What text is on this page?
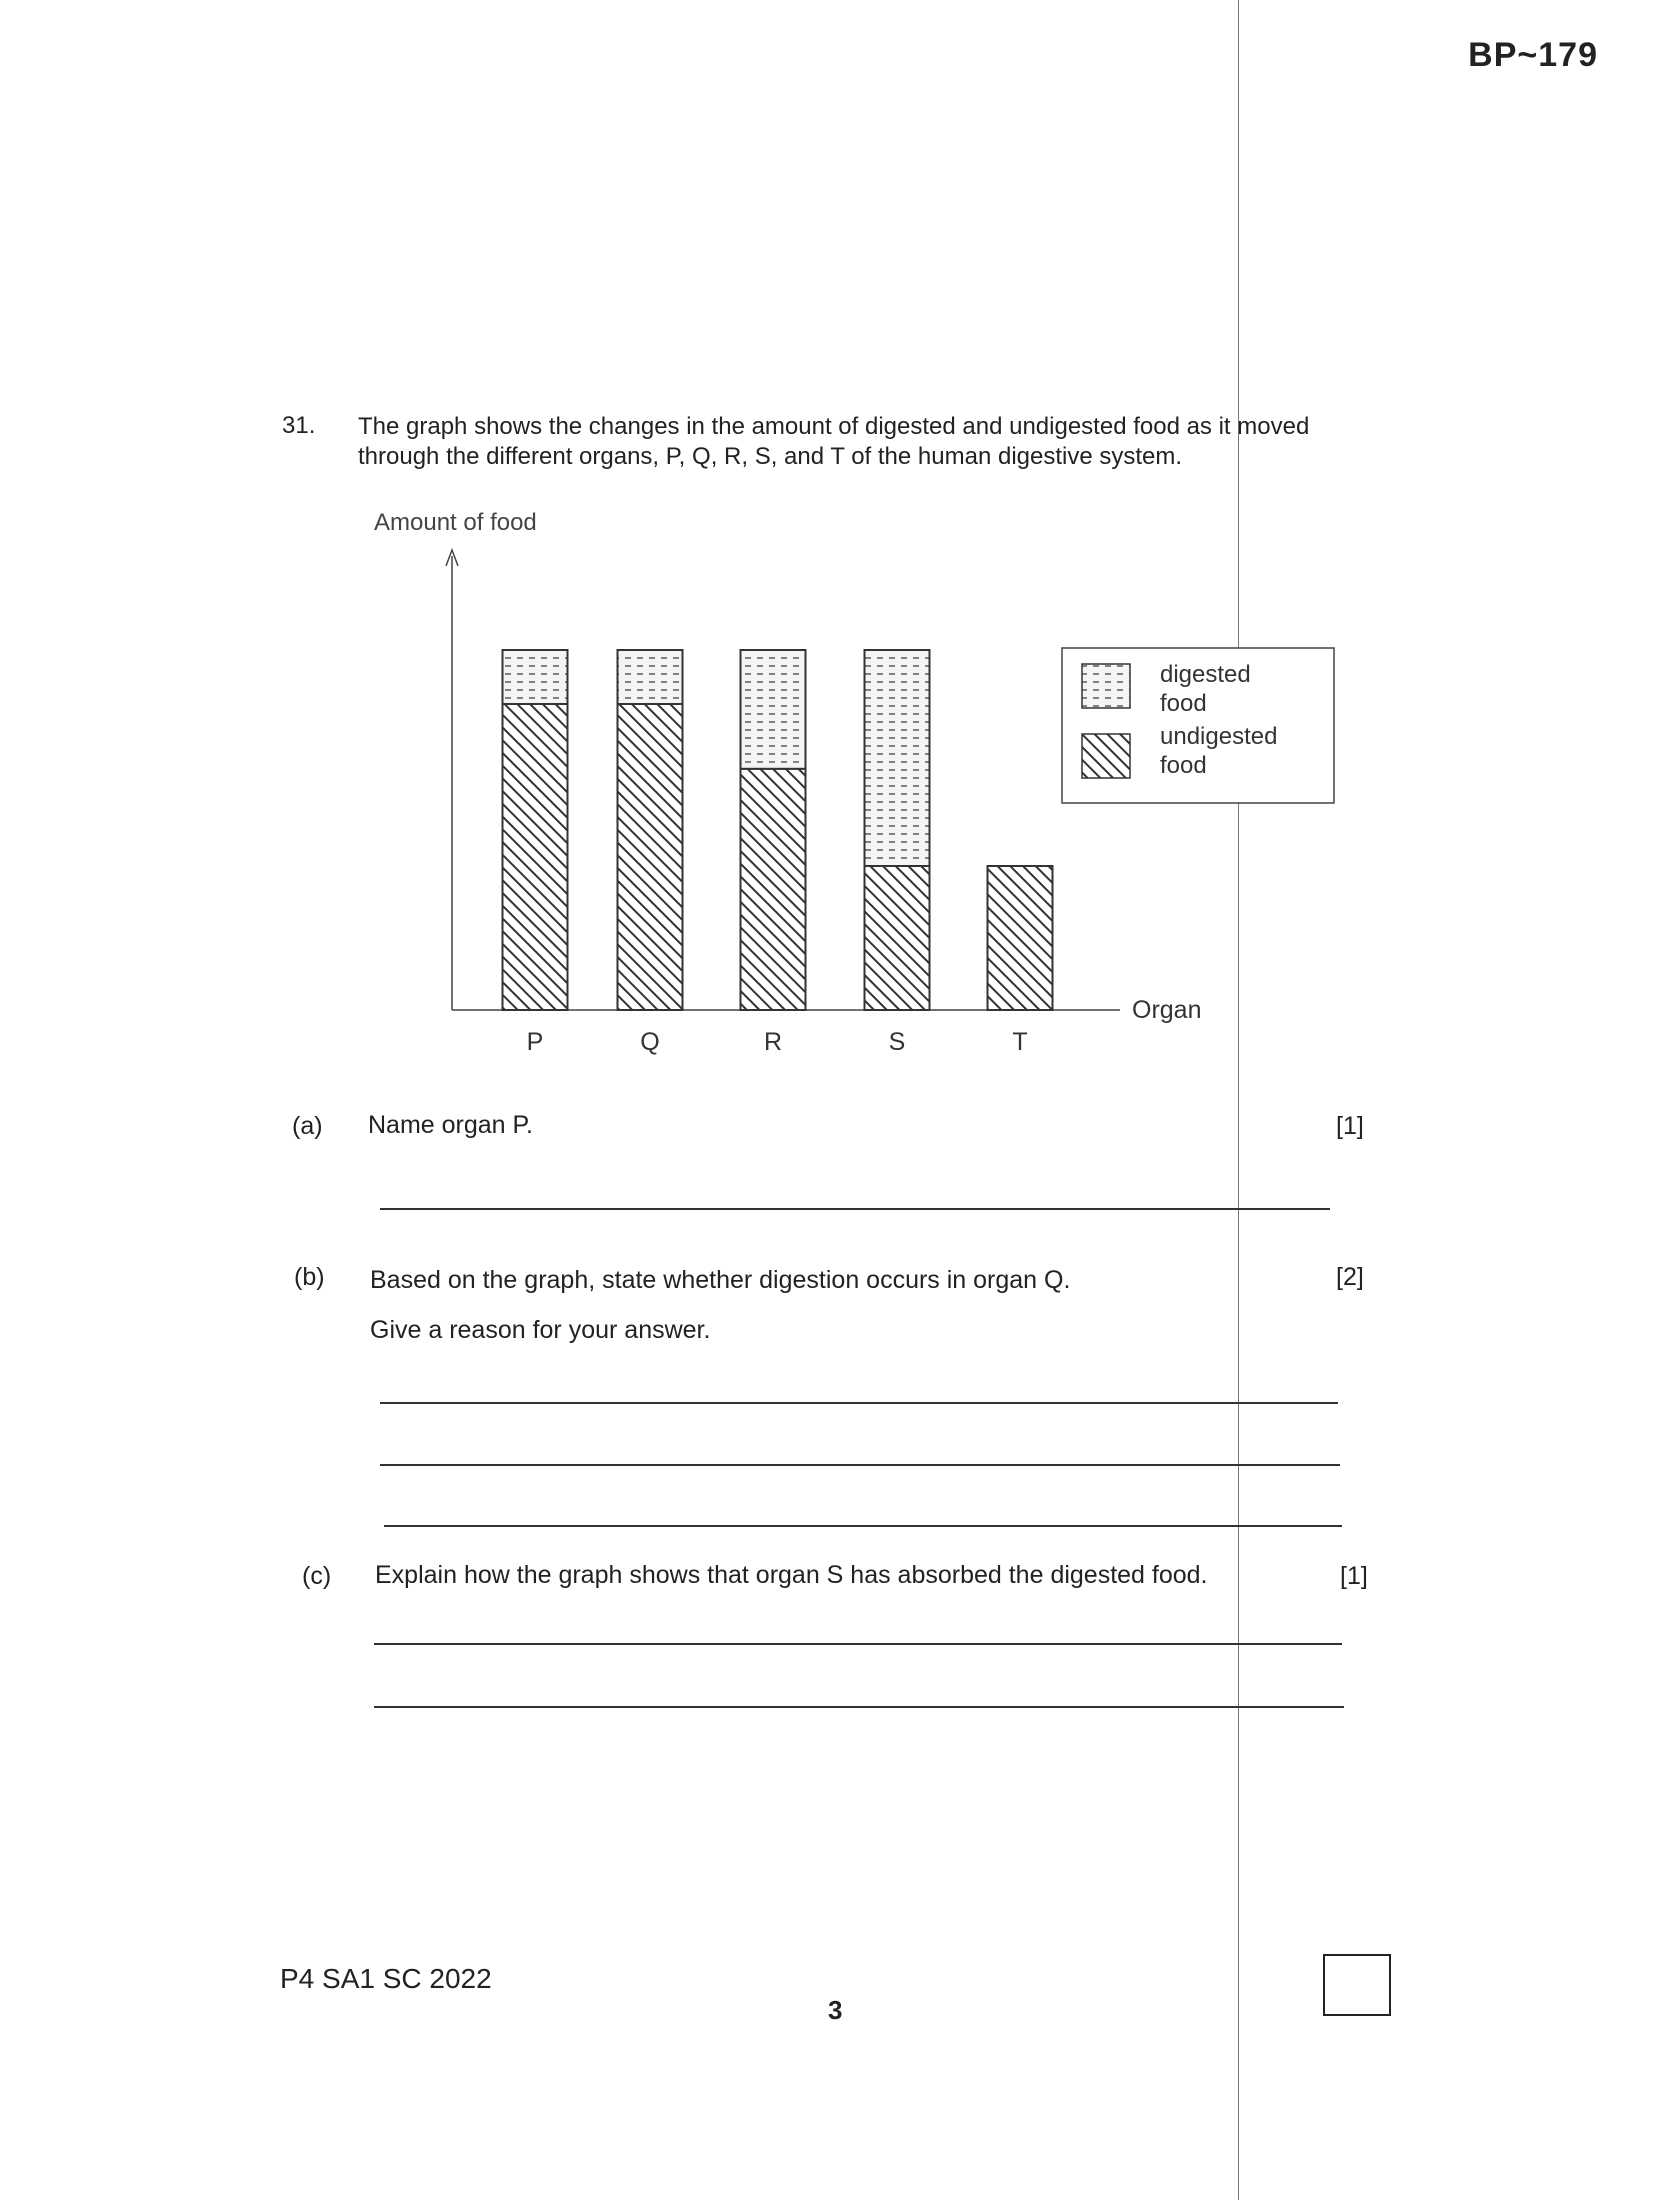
BP~179
31. The graph shows the changes in the amount of digested and undigested food as it moved through the different organs, P, Q, R, S, and T of the human digestive system.
Amount of food
Organ
P	Q	R	S	T
digested food
undigested food
(a) Name organ P.	[1]
(b) Based on the graph, state whether digestion occurs in organ Q.
Give a reason for your answer.
[2]
(c) Explain how the graph shows that organ S has absorbed the digested food.	[1]
P4 SA1 SC 2022
3
